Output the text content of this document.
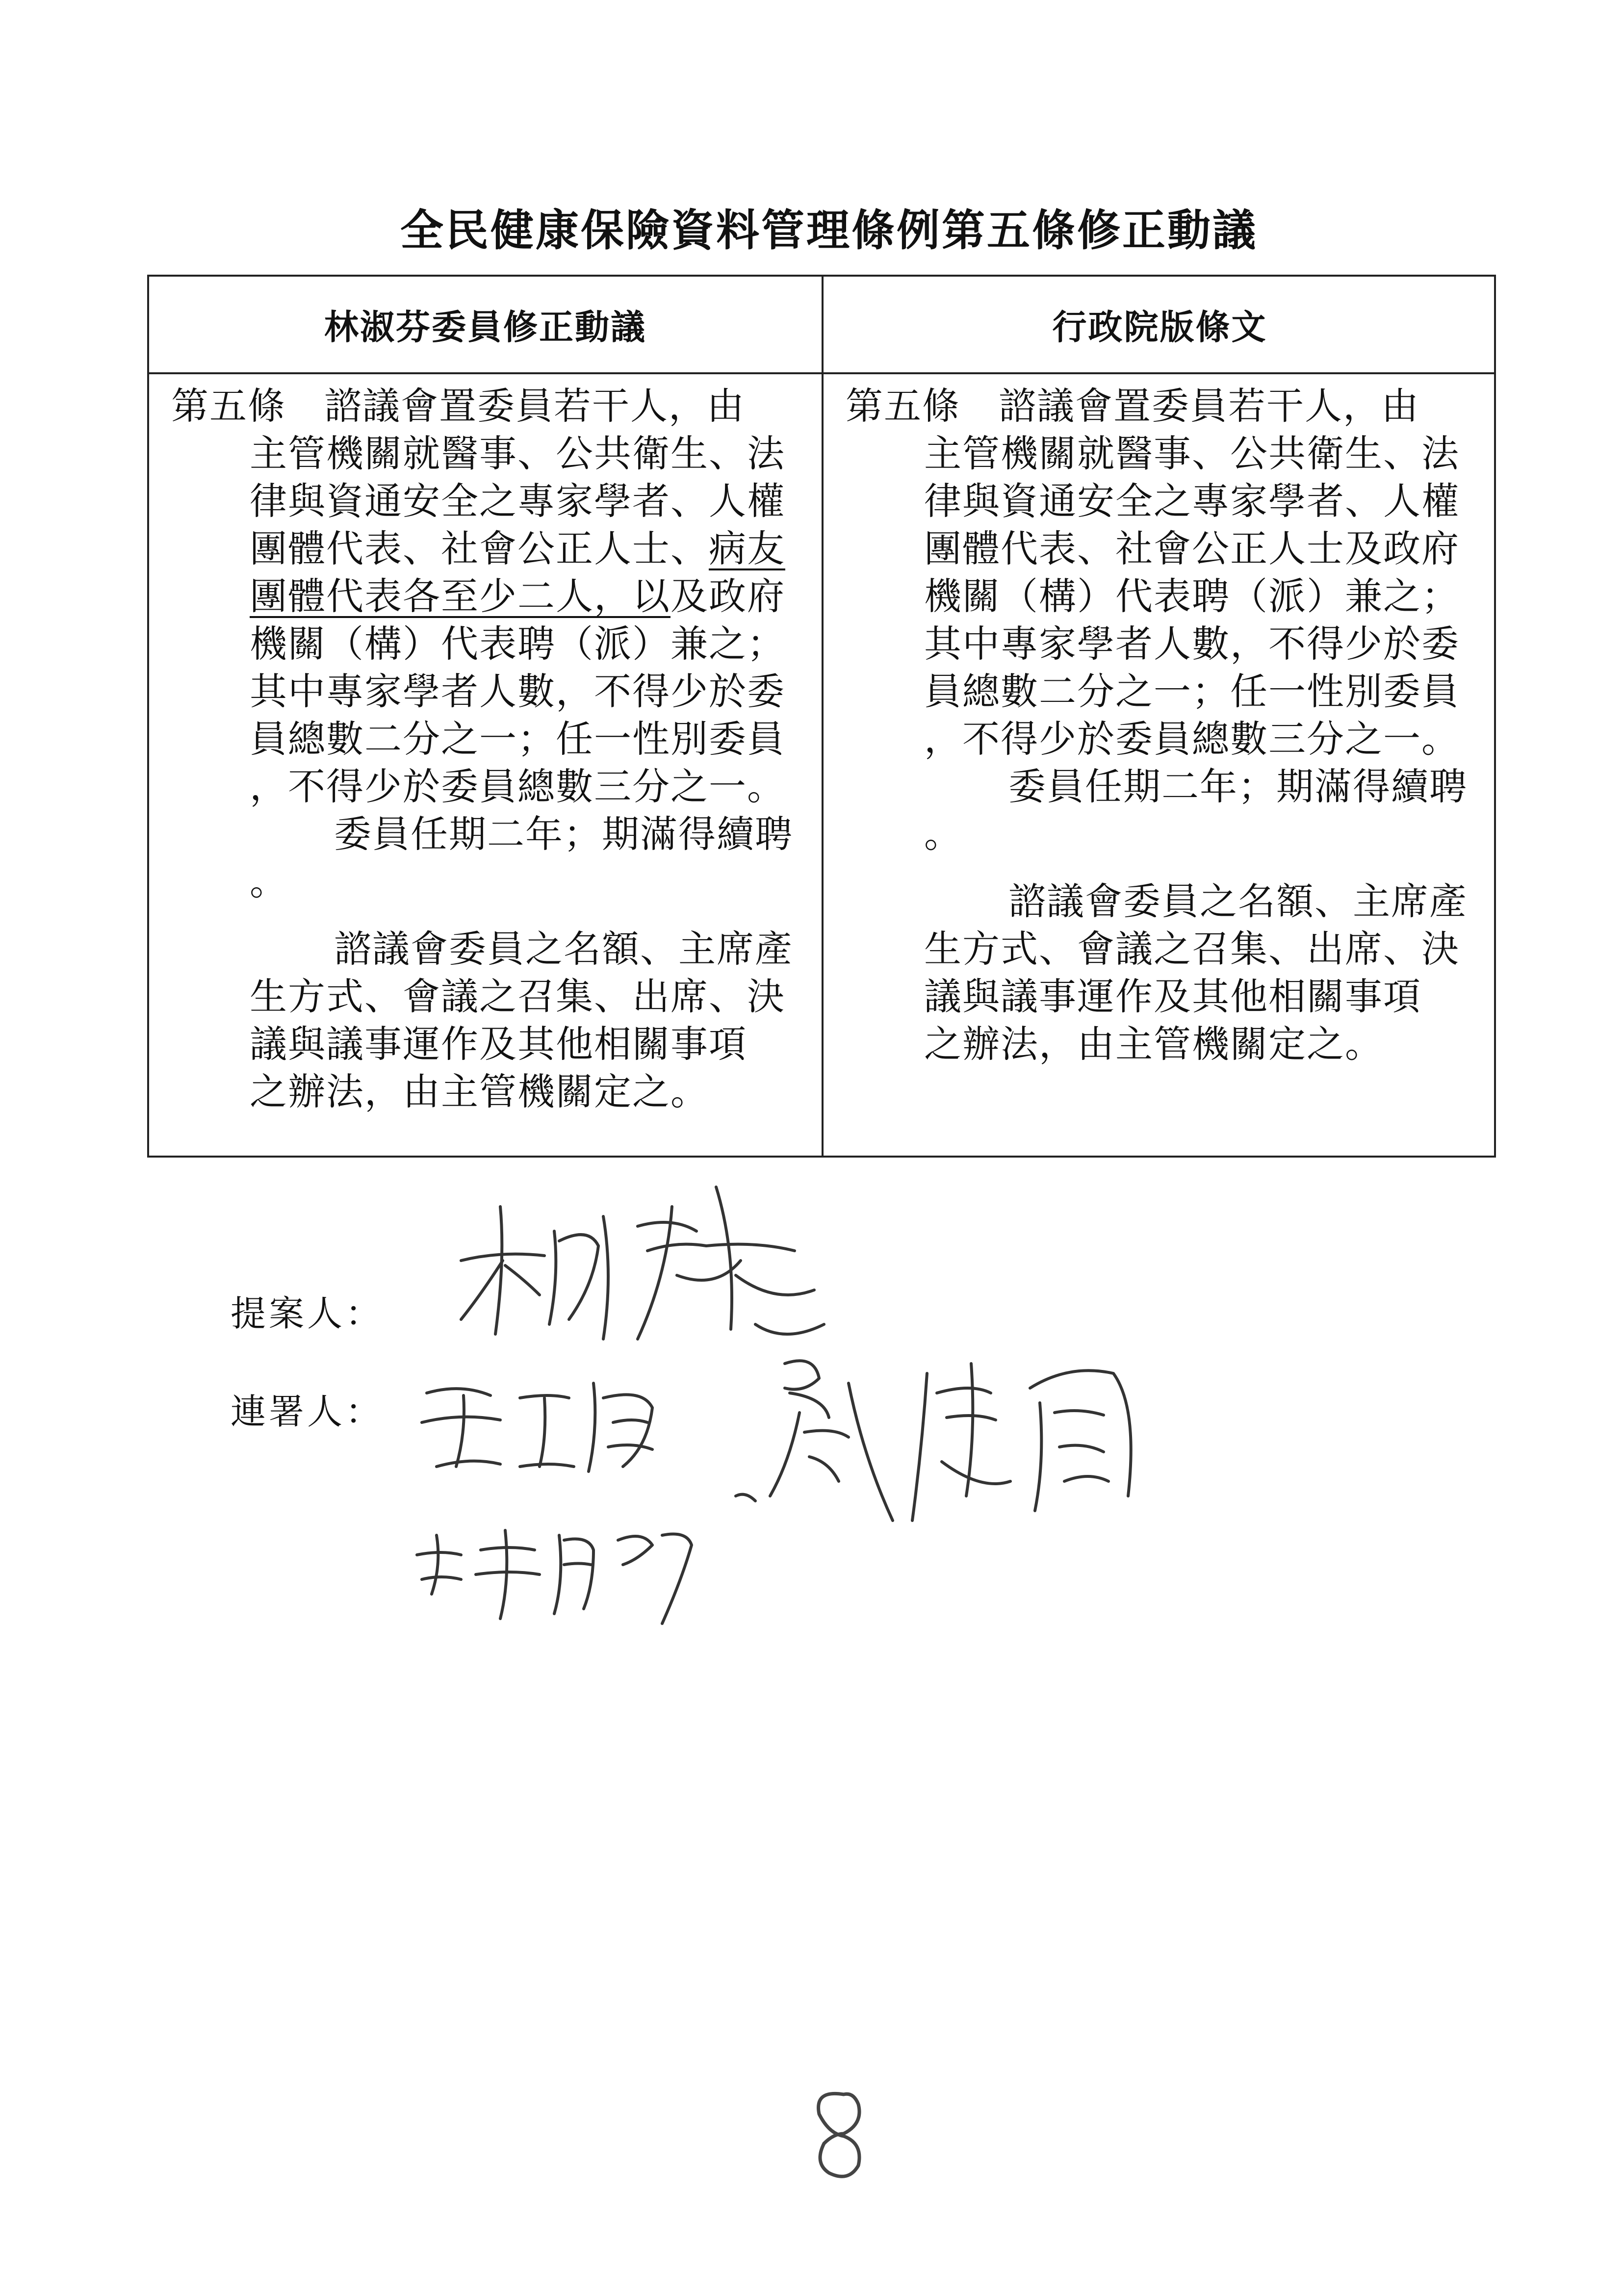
全民健康保險資料管理條例第五條修正動議
林淑芬委員修正動議	行政院版條文

第五條　諮議會置委員若干人，由

主管機關就醫事、公共衛生、法

律與資通安全之專家學者、人權

團體代表、社會公正人士、病友

團體代表各至少二人，以及政府

機關（構）代表聘（派）兼之；

其中專家學者人數，不得少於委

員總數二分之一；任一性別委員

，不得少於委員總數三分之一。

委員任期二年；期滿得續聘

。

諮議會委員之名額、主席產

生方式、會議之召集、出席、決

議與議事運作及其他相關事項

之辦法，由主管機關定之。

第五條　諮議會置委員若干人，由

主管機關就醫事、公共衛生、法

律與資通安全之專家學者、人權

團體代表、社會公正人士及政府

機關（構）代表聘（派）兼之；

其中專家學者人數，不得少於委

員總數二分之一；任一性別委員

，不得少於委員總數三分之一。

委員任期二年；期滿得續聘

。

諮議會委員之名額、主席產

生方式、會議之召集、出席、決

議與議事運作及其他相關事項

之辦法，由主管機關定之。

提案人：
連署人：
